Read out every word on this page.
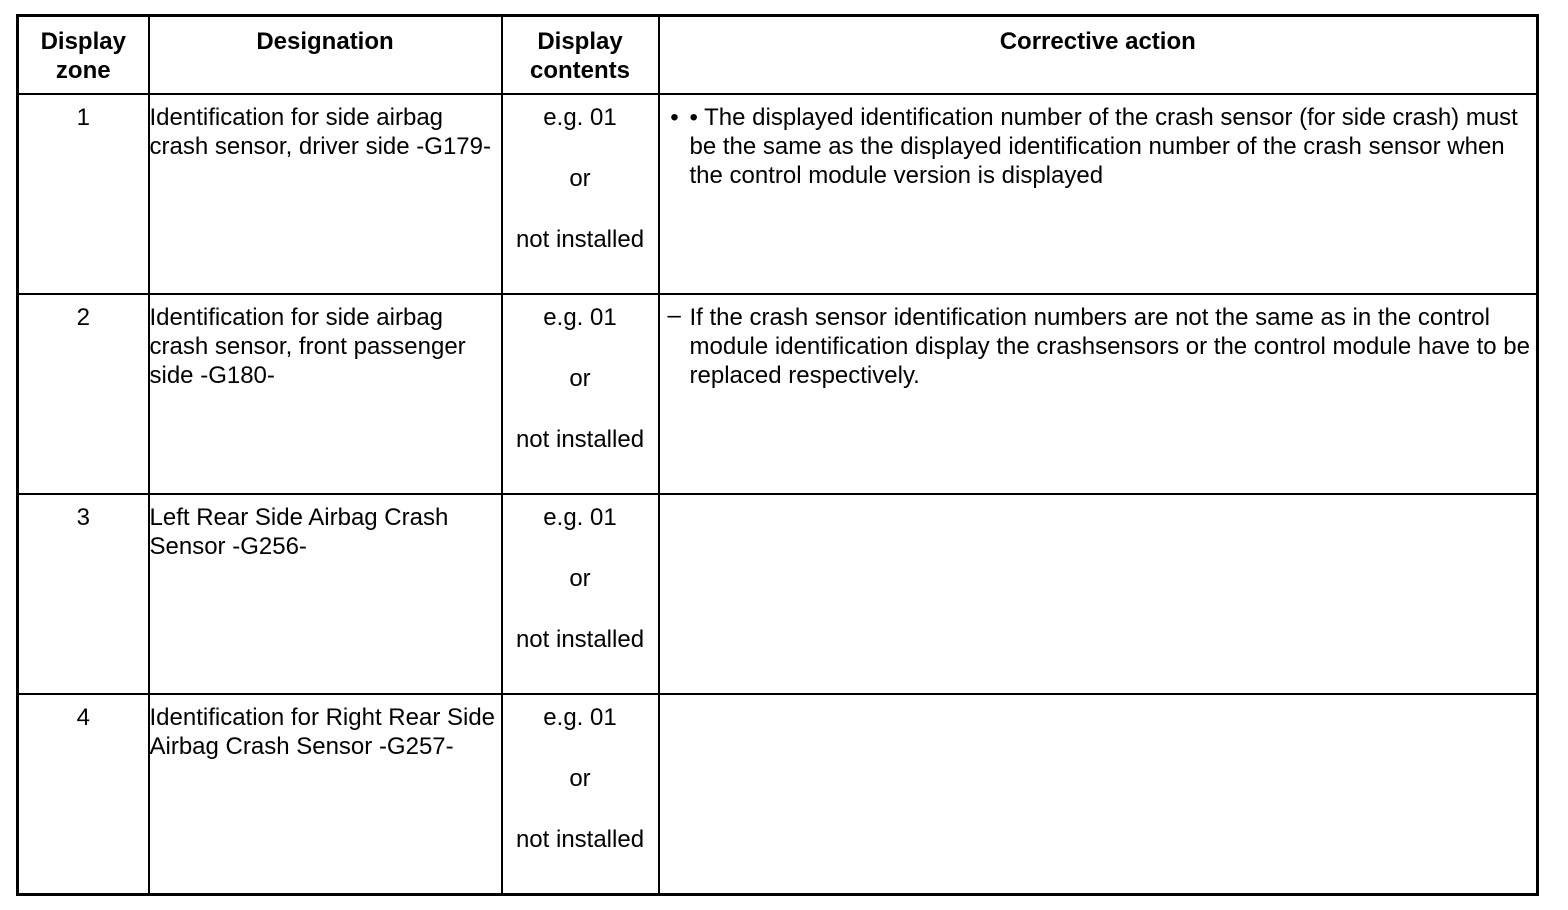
Display zone	Designation	Display contents	Corrective action
1	Identification for side airbag crash sensor, driver side -G179-	e.g. 01
or
not installed	• • The displayed identification number of the crash sensor (for side crash) must be the same as the displayed identification number of the crash sensor when the control module version is displayed

2	Identification for side airbag crash sensor, front passenger side -G180-	e.g. 01
or
not installed	– If the crash sensor identification numbers are not the same as in the control module identification display the crashsensors or the control module have to be replaced respectively.

3	Left Rear Side Airbag Crash Sensor -G256-	e.g. 01
or
not installed	

4	Identification for Right Rear Side Airbag Crash Sensor -G257-	e.g. 01
or
not installed	
